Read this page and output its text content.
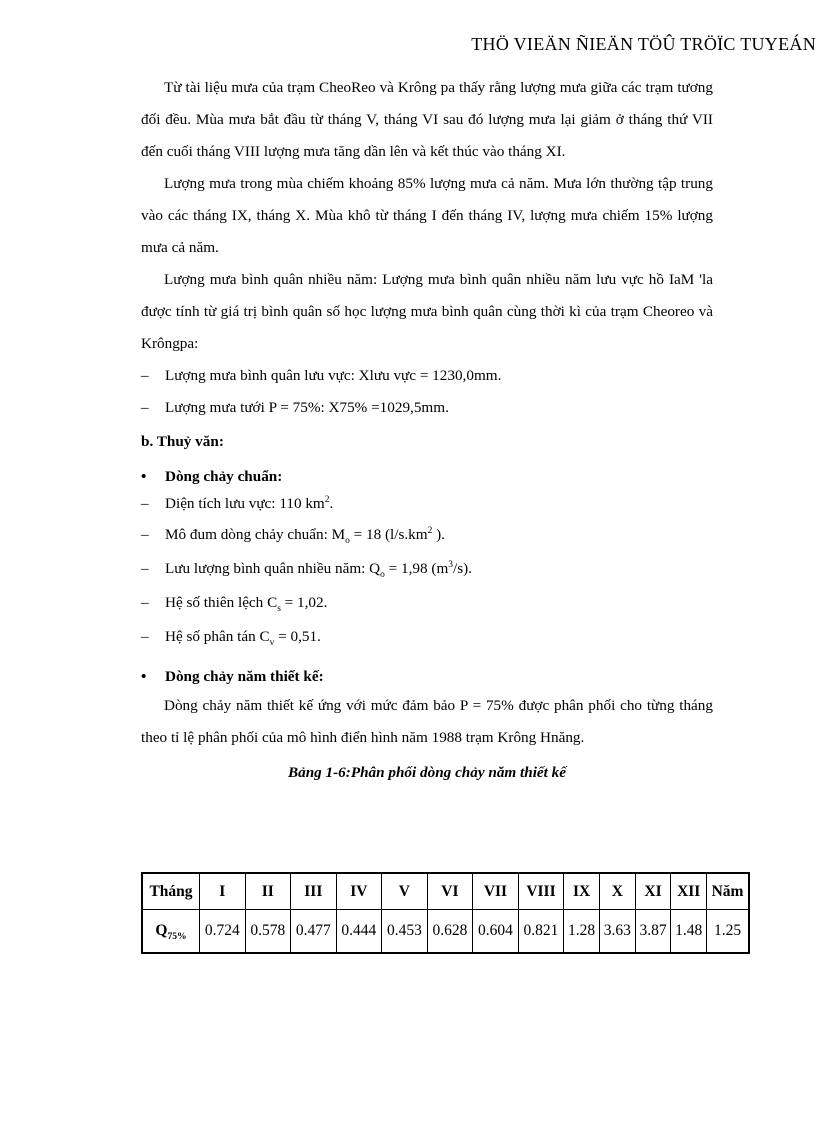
THÖ VIEÄN ÑIEÄN TÖÛ TRÖÏC TUYEÁN

Từ tài liệu mưa của trạm CheoReo và Krông pa thấy rằng lượng mưa giữa các trạm tương đối đều. Mùa mưa bắt đầu từ tháng V, tháng VI sau đó lượng mưa lại giảm ở tháng thứ VII đến cuối tháng VIII lượng mưa tăng dần lên và kết thúc vào tháng XI.

Lượng mưa trong mùa chiếm khoảng 85% lượng mưa cả năm. Mưa lớn thường tập trung vào các tháng IX, tháng X. Mùa khô từ tháng I đến tháng IV, lượng mưa chiếm 15% lượng mưa cả năm.

Lượng mưa bình quân nhiều năm: Lượng mưa bình quân nhiều năm lưu vực hồ IaM 'la được tính từ giá trị bình quân số học lượng mưa bình quân cùng thời kì của trạm Cheoreo và Krôngpa:

–	Lượng mưa bình quân lưu vực: Xlưu vực = 1230,0mm.

–	Lượng mưa tưới P = 75%: X75% =1029,5mm.

b. Thuỷ văn:

•	Dòng chảy chuẩn:

–	Diện tích lưu vực: 110 $km^2$.

–	Mô đum dòng chảy chuẩn: $M_o = 18$ ($l/s.km^2$ ).

–	Lưu lượng bình quân nhiều năm: $Q_o = 1,98$ $(m^3/s)$.

–	Hệ số thiên lệch $C_s = 1,02$.

–	Hệ số phân tán $C_v = 0,51$.

•	Dòng chảy năm thiết kế:

Dòng chảy năm thiết kế ứng với mức đảm bảo P = 75% được phân phối cho từng tháng theo tỉ lệ phân phối của mô hình điển hình năm 1988 trạm Krông Hnăng.

Bảng 1-6:Phân phối dòng chảy năm thiết kế

Tháng	I	II	III	IV	V	VI	VII	VIII	IX	X	XI	XII	Năm
$Q_{75\%}$	0.724	0.578	0.477	0.444	0.453	0.628	0.604	0.821	1.28	3.63	3.87	1.48	1.25
